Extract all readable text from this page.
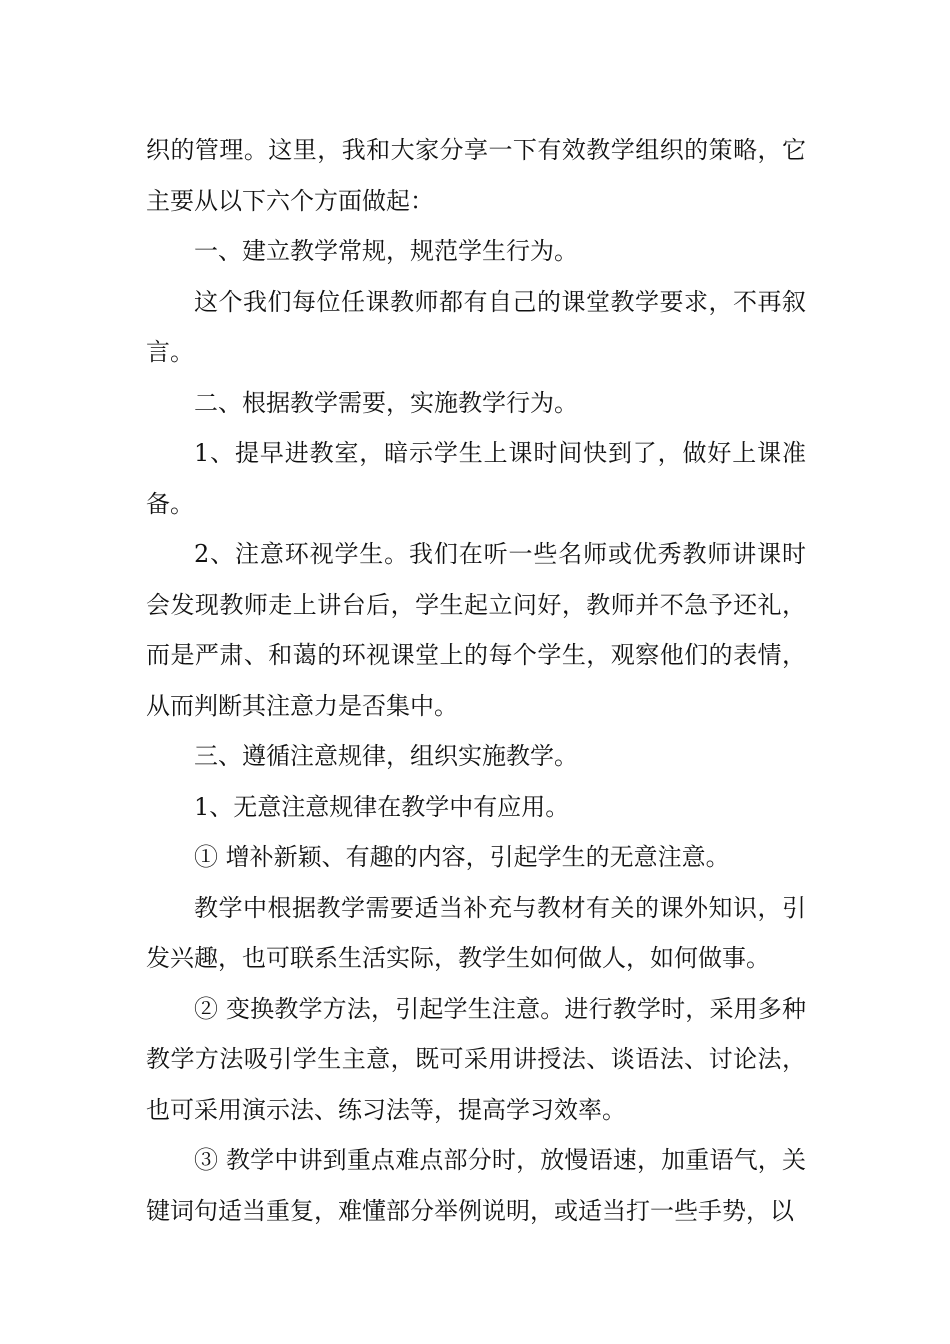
织的管理。这里，我和大家分享一下有效教学组织的策略，它主要从以下六个方面做起：

一、建立教学常规，规范学生行为。

这个我们每位任课教师都有自己的课堂教学要求，不再叙言。

二、根据教学需要，实施教学行为。

1、提早进教室，暗示学生上课时间快到了，做好上课准备。

2、注意环视学生。我们在听一些名师或优秀教师讲课时会发现教师走上讲台后，学生起立问好，教师并不急予还礼，而是严肃、和蔼的环视课堂上的每个学生，观察他们的表情，从而判断其注意力是否集中。

三、遵循注意规律，组织实施教学。

1、无意注意规律在教学中有应用。

① 增补新颖、有趣的内容，引起学生的无意注意。

教学中根据教学需要适当补充与教材有关的课外知识，引发兴趣，也可联系生活实际，教学生如何做人，如何做事。

② 变换教学方法，引起学生注意。进行教学时，采用多种教学方法吸引学生主意，既可采用讲授法、谈语法、讨论法，也可采用演示法、练习法等，提高学习效率。

③ 教学中讲到重点难点部分时，放慢语速，加重语气，关键词句适当重复，难懂部分举例说明，或适当打一些手势，以
